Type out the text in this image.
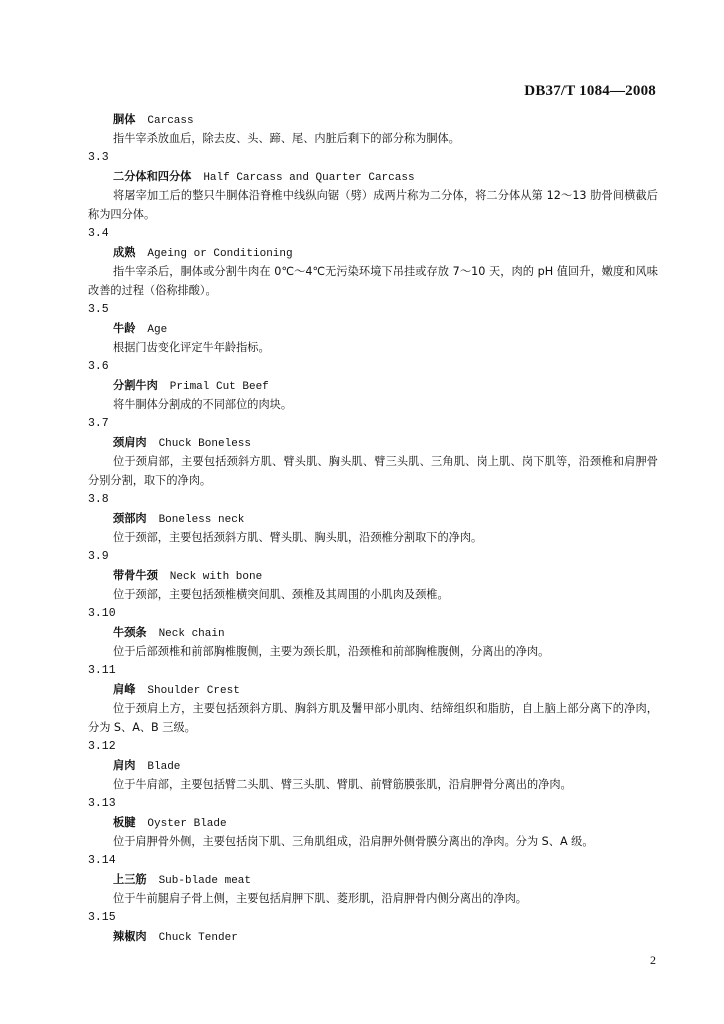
DB37/T 1084—2008
胴体 Carcass
指牛宰杀放血后，除去皮、头、蹄、尾、内脏后剩下的部分称为胴体。
3.3
二分体和四分体 Half Carcass and Quarter Carcass
将屠宰加工后的整只牛胴体沿脊椎中线纵向锯（劈）成两片称为二分体，将二分体从第 12～13 肋骨间横截后称为四分体。
3.4
成熟 Ageing or Conditioning
指牛宰杀后，胴体或分割牛肉在 0℃～4℃无污染环境下吊挂或存放 7～10 天，肉的 pH 值回升，嫩度和风味改善的过程（俗称排酸）。
3.5
牛龄 Age
根据门齿变化评定牛年龄指标。
3.6
分割牛肉 Primal Cut Beef
将牛胴体分割成的不同部位的肉块。
3.7
颈肩肉 Chuck Boneless
位于颈肩部，主要包括颈斜方肌、臂头肌、胸头肌、臂三头肌、三角肌、岗上肌、岗下肌等，沿颈椎和肩胛骨分别分割，取下的净肉。
3.8
颈部肉 Boneless neck
位于颈部，主要包括颈斜方肌、臂头肌、胸头肌，沿颈椎分割取下的净肉。
3.9
带骨牛颈 Neck with bone
位于颈部，主要包括颈椎横突间肌、颈椎及其周围的小肌肉及颈椎。
3.10
牛颈条 Neck chain
位于后部颈椎和前部胸椎腹侧，主要为颈长肌，沿颈椎和前部胸椎腹侧，分离出的净肉。
3.11
肩峰 Shoulder Crest
位于颈肩上方，主要包括颈斜方肌、胸斜方肌及鬐甲部小肌肉、结缔组织和脂肪，自上脑上部分离下的净肉，分为 S、A、B 三级。
3.12
肩肉 Blade
位于牛肩部，主要包括臂二头肌、臂三头肌、臂肌、前臂筋膜张肌，沿肩胛骨分离出的净肉。
3.13
板腱 Oyster Blade
位于肩胛骨外侧，主要包括岗下肌、三角肌组成，沿肩胛外侧骨膜分离出的净肉。分为 S、A 级。
3.14
上三筋 Sub-blade meat
位于牛前腿肩子骨上侧，主要包括肩胛下肌、菱形肌，沿肩胛骨内侧分离出的净肉。
3.15
辣椒肉 Chuck Tender
2
